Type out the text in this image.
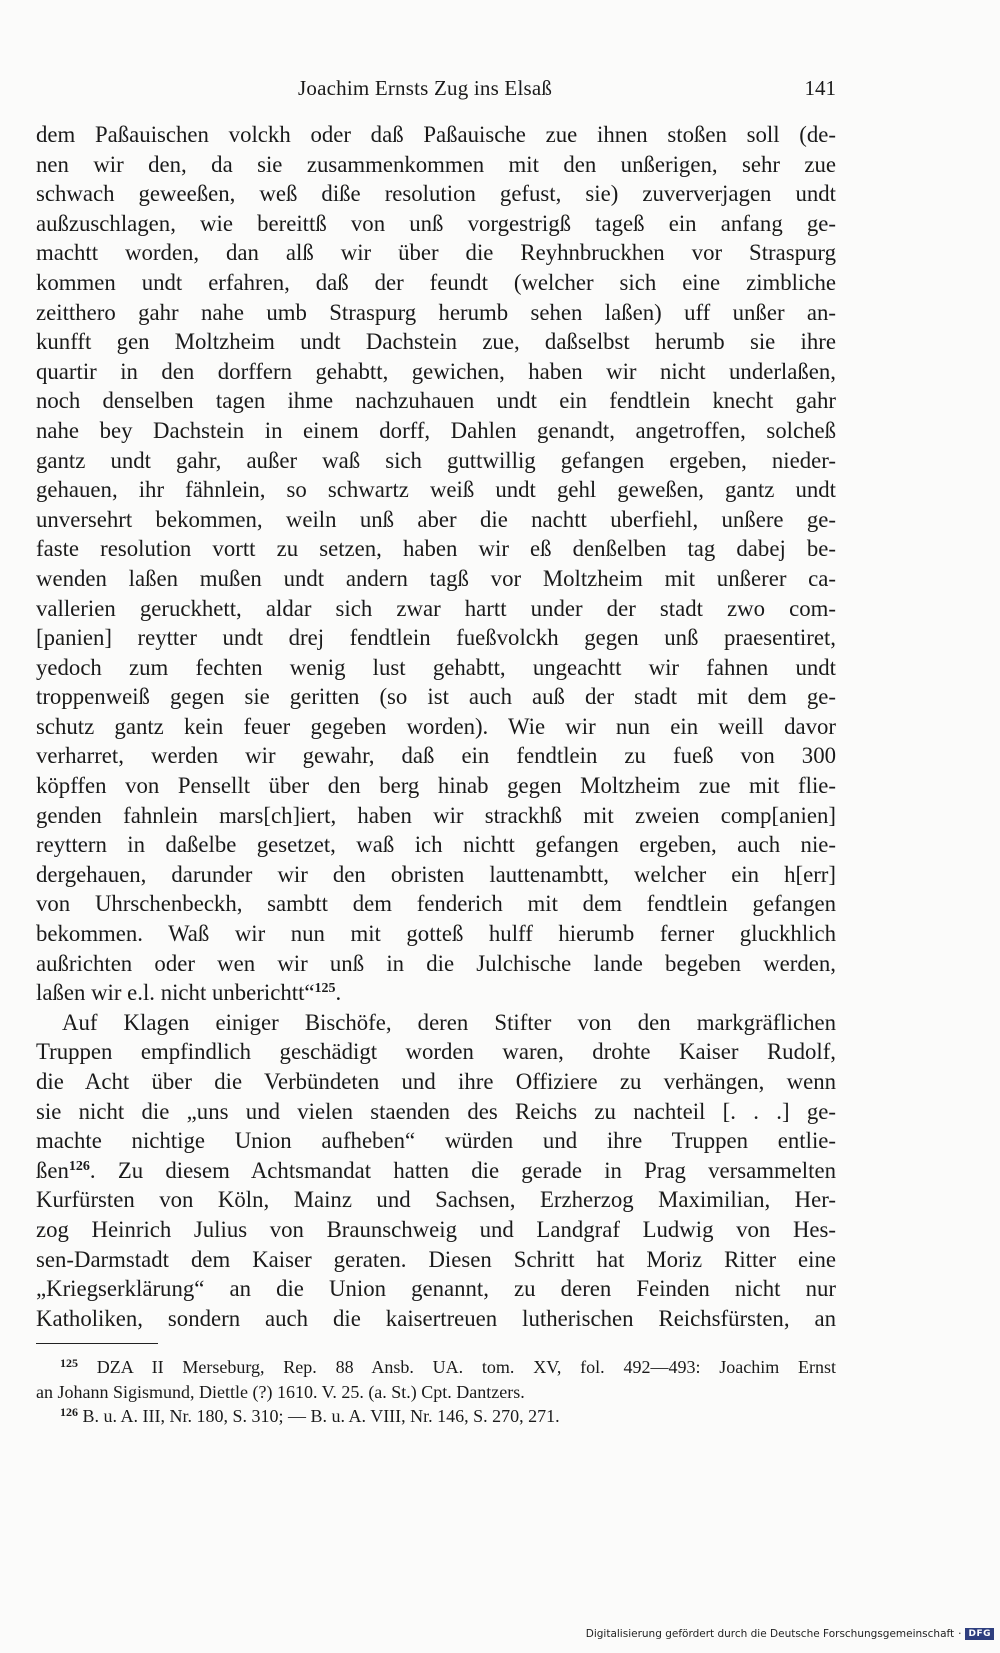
Joachim Ernsts Zug ins Elsaß	141
dem Paßauischen volckh oder daß Paßauische zue ihnen stoßen soll (de-
nen wir den, da sie zusammenkommen mit den unßerigen, sehr zue
schwach geweeßen, weß dißе resolution gefust, sie) zuververjagen undt
außzuschlagen, wie bereittß von unß vorgestrigß tageß ein anfang ge-
machtt worden, dan alß wir über die Reyhnbruckhen vor Straspurg
kommen undt erfahren, daß der feundt (welcher sich eine zimbliche
zeitthero gahr nahe umb Straspurg herumb sehen laßen) uff unßer an-
kunfft gen Moltzheim undt Dachstein zue, daßselbst herumb sie ihre
quartir in den dorffern gehabtt, gewichen, haben wir nicht underlaßen,
noch denselben tagen ihme nachzuhauen undt ein fendtlein knecht gahr
nahe bey Dachstein in einem dorff, Dahlen genandt, angetroffen, solcheß
gantz undt gahr, außer waß sich guttwillig gefangen ergeben, nieder-
gehauen, ihr fähnlein, so schwartz weiß undt gehl geweßen, gantz undt
unversehrt bekommen, weiln unß aber die nachtt uberfiehl, unßere ge-
faste resolution vortt zu setzen, haben wir eß denßelben tag dabej be-
wenden laßen mußen undt andern tagß vor Moltzheim mit unßerer ca-
vallerien geruckhett, aldar sich zwar hartt under der stadt zwo com-
[panien] reytter undt drej fendtlein fueßvolckh gegen unß praesentiret,
yedoch zum fechten wenig lust gehabtt, ungeachtt wir fahnen undt
troppenweiß gegen sie geritten (so ist auch auß der stadt mit dem ge-
schutz gantz kein feuer gegeben worden). Wie wir nun ein weill davor
verharret, werden wir gewahr, daß ein fendtlein zu fueß von 300
köpffen von Pensellt über den berg hinab gegen Moltzheim zue mit flie-
genden fahnlein mars[ch]iert, haben wir strackhß mit zweien comp[anien]
reyttern in daßelbe gesetzet, waß ich nichtt gefangen ergeben, auch nie-
dergehauen, darunder wir den obristen lauttenambtt, welcher ein h[err]
von Uhrschenbeckh, sambtt dem fenderich mit dem fendtlein gefangen
bekommen. Waß wir nun mit gotteß hulff hierumb ferner gluckhlich
außrichten oder wen wir unß in die Julchische lande begeben werden,
laßen wir e.l. nicht unberichtt“$^{125}$.
Auf Klagen einiger Bischöfe, deren Stifter von den markgräflichen
Truppen empfindlich geschädigt worden waren, drohte Kaiser Rudolf,
die Acht über die Verbündeten und ihre Offiziere zu verhängen, wenn
sie nicht die „uns und vielen staenden des Reichs zu nachteil [. . .] ge-
machte nichtige Union aufheben“ würden und ihre Truppen entlie-
ßen$^{126}$. Zu diesem Achtsmandat hatten die gerade in Prag versammelten
Kurfürsten von Köln, Mainz und Sachsen, Erzherzog Maximilian, Her-
zog Heinrich Julius von Braunschweig und Landgraf Ludwig von Hes-
sen-Darmstadt dem Kaiser geraten. Diesen Schritt hat Moriz Ritter eine
„Kriegserklärung“ an die Union genannt, zu deren Feinden nicht nur
Katholiken, sondern auch die kaisertreuen lutherischen Reichsfürsten, an
$^{125}$ DZA II Merseburg, Rep. 88 Ansb. UA. tom. XV, fol. 492—493: Joachim Ernst
an Johann Sigismund, Diettle (?) 1610. V. 25. (a. St.) Cpt. Dantzers.
$^{126}$ B. u. A. III, Nr. 180, S. 310; — B. u. A. VIII, Nr. 146, S. 270, 271.
Digitalisierung gefördert durch die Deutsche Forschungsgemeinschaft · DFG
